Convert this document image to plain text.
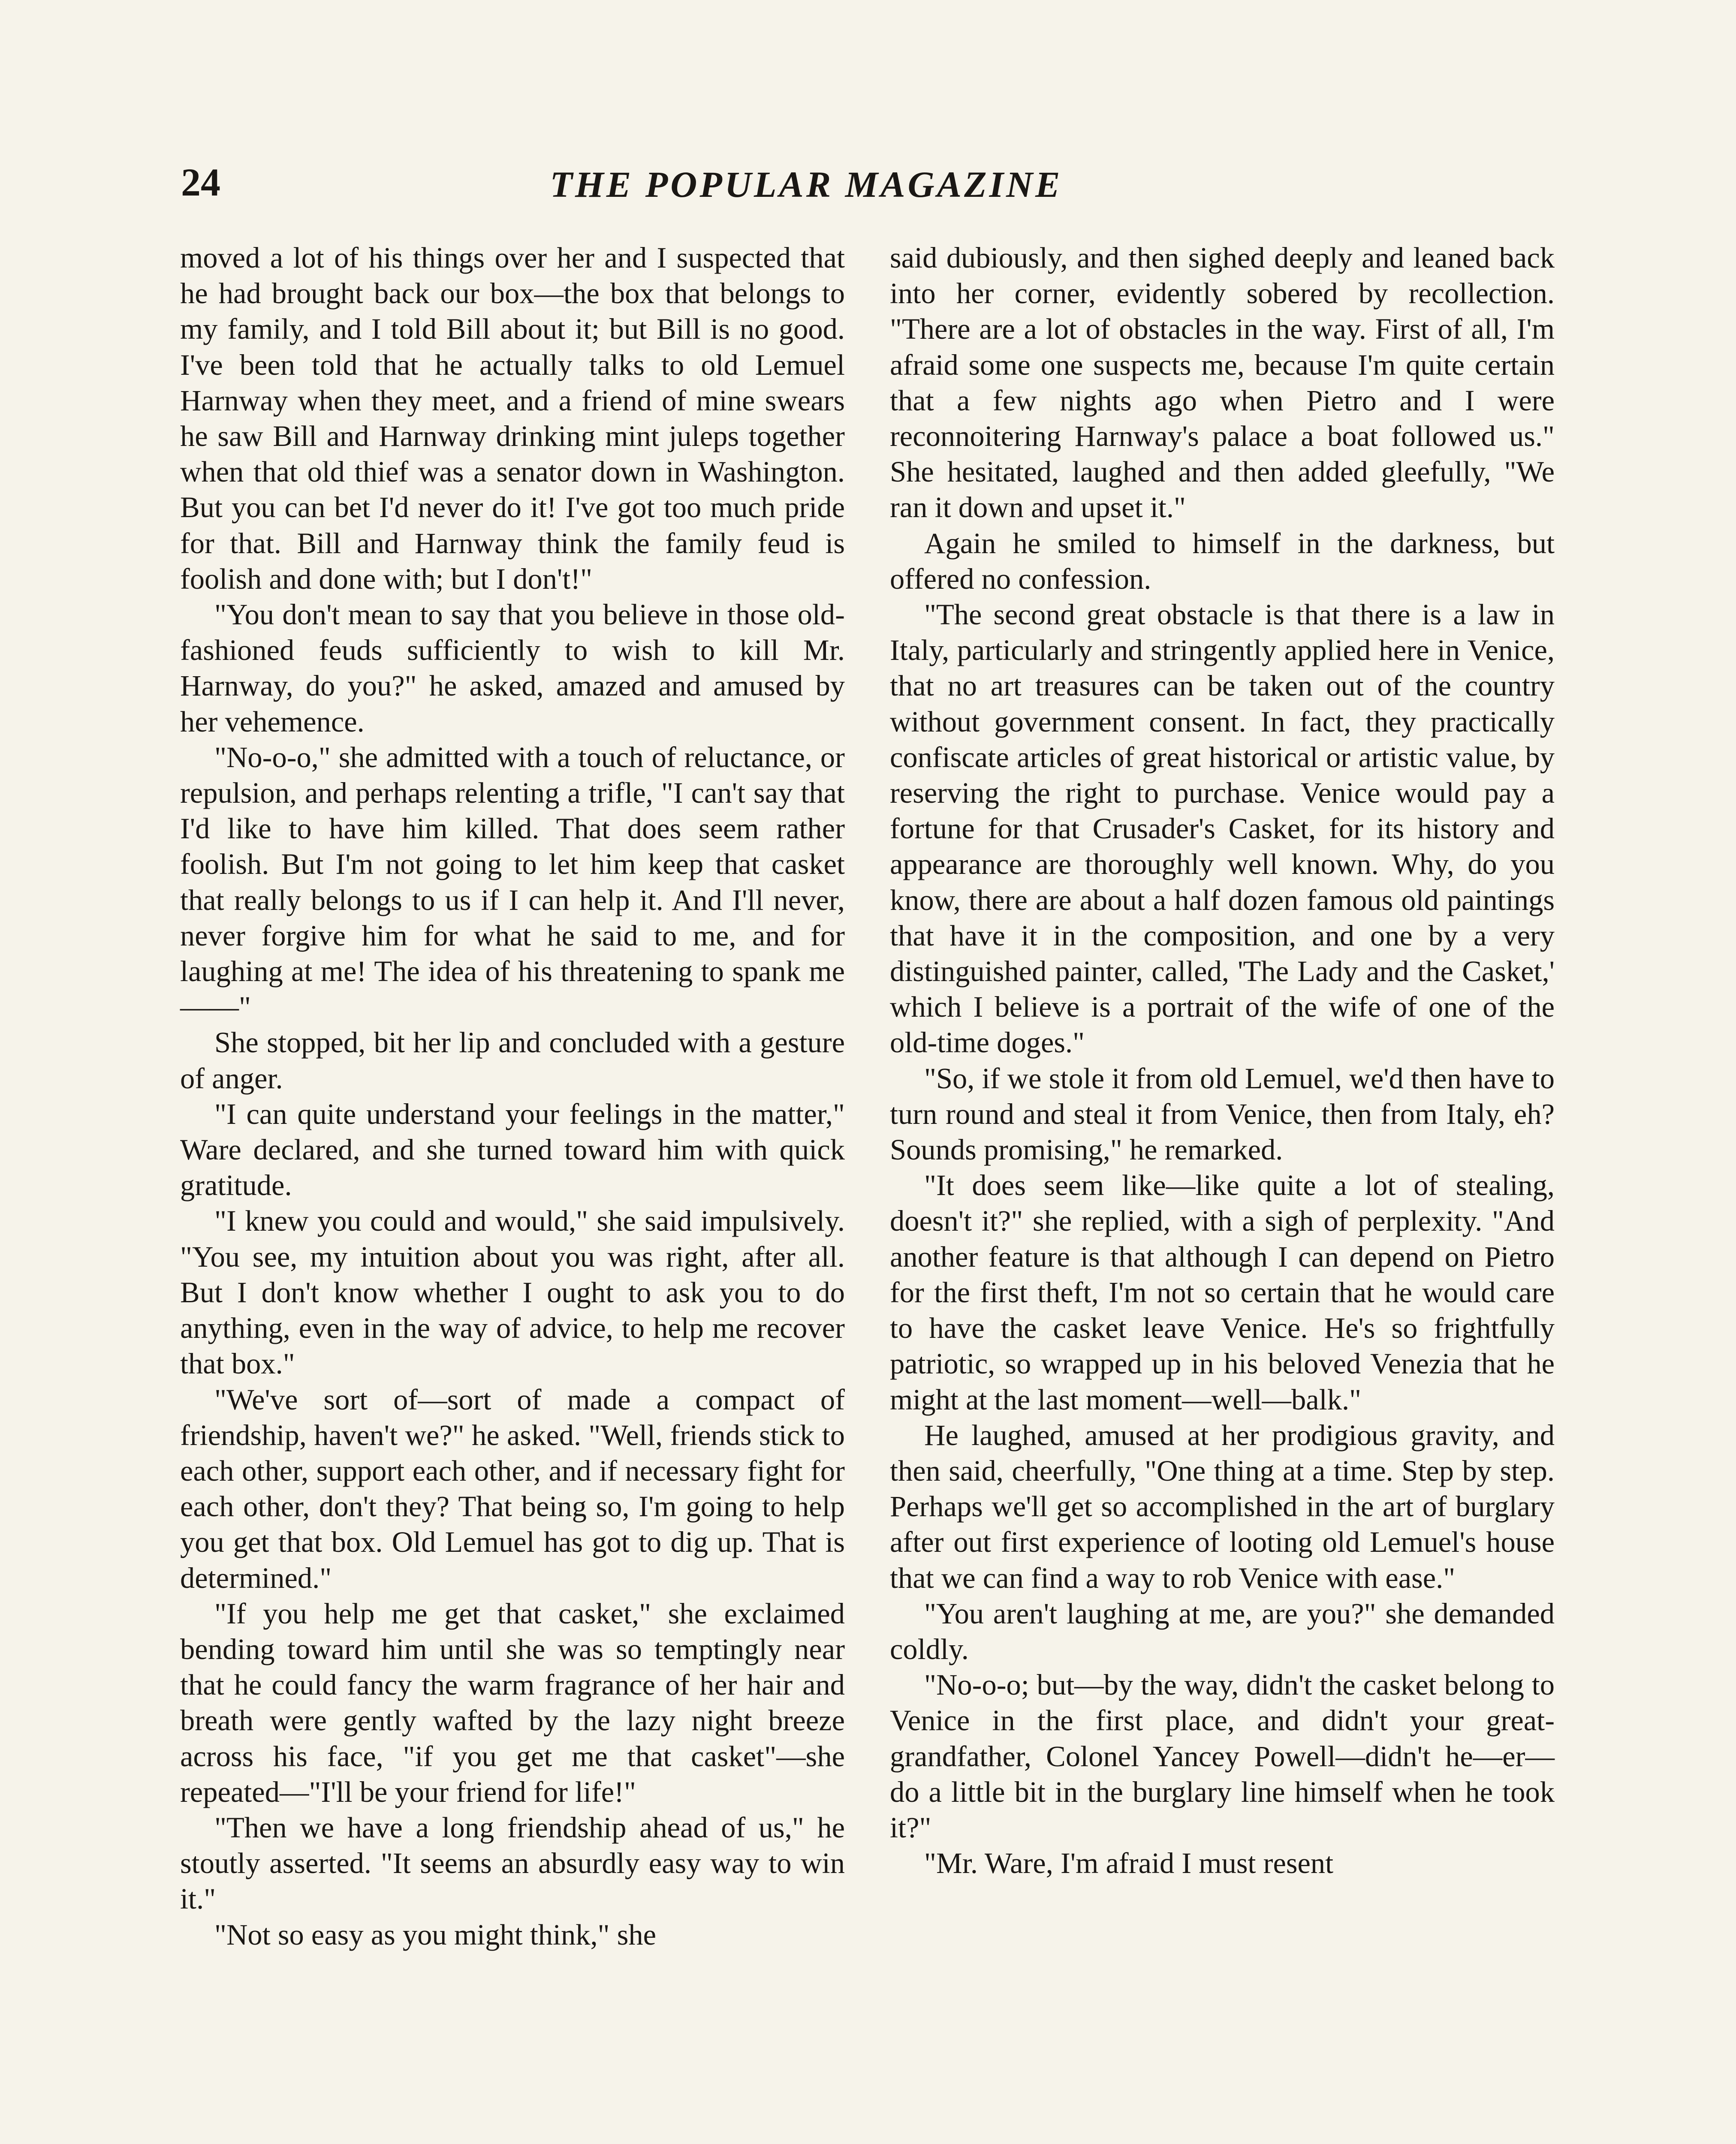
24	THE POPULAR MAGAZINE

moved a lot of his things over her and I suspected that he had brought back our box—the box that belongs to my family, and I told Bill about it; but Bill is no good. I've been told that he actually talks to old Lemuel Harnway when they meet, and a friend of mine swears he saw Bill and Harnway drinking mint juleps together when that old thief was a senator down in Washington. But you can bet I'd never do it! I've got too much pride for that. Bill and Harnway think the family feud is foolish and done with; but I don't!"

"You don't mean to say that you believe in those old-fashioned feuds sufficiently to wish to kill Mr. Harnway, do you?" he asked, amazed and amused by her vehemence.

"No-o-o," she admitted with a touch of reluctance, or repulsion, and perhaps relenting a trifle, "I can't say that I'd like to have him killed. That does seem rather foolish. But I'm not going to let him keep that casket that really belongs to us if I can help it. And I'll never, never forgive him for what he said to me, and for laughing at me! The idea of his threatening to spank me——"

She stopped, bit her lip and concluded with a gesture of anger.

"I can quite understand your feelings in the matter," Ware declared, and she turned toward him with quick gratitude.

"I knew you could and would," she said impulsively. "You see, my intuition about you was right, after all. But I don't know whether I ought to ask you to do anything, even in the way of advice, to help me recover that box."

"We've sort of—sort of made a compact of friendship, haven't we?" he asked. "Well, friends stick to each other, support each other, and if necessary fight for each other, don't they? That being so, I'm going to help you get that box. Old Lemuel has got to dig up. That is determined."

"If you help me get that casket," she exclaimed bending toward him until she was so temptingly near that he could fancy the warm fragrance of her hair and breath were gently wafted by the lazy night breeze across his face, "if you get me that casket"—she repeated—"I'll be your friend for life!"

"Then we have a long friendship ahead of us," he stoutly asserted. "It seems an absurdly easy way to win it."

"Not so easy as you might think," she

said dubiously, and then sighed deeply and leaned back into her corner, evidently sobered by recollection. "There are a lot of obstacles in the way. First of all, I'm afraid some one suspects me, because I'm quite certain that a few nights ago when Pietro and I were reconnoitering Harnway's palace a boat followed us." She hesitated, laughed and then added gleefully, "We ran it down and upset it."

Again he smiled to himself in the darkness, but offered no confession.

"The second great obstacle is that there is a law in Italy, particularly and stringently applied here in Venice, that no art treasures can be taken out of the country without government consent. In fact, they practically confiscate articles of great historical or artistic value, by reserving the right to purchase. Venice would pay a fortune for that Crusader's Casket, for its history and appearance are thoroughly well known. Why, do you know, there are about a half dozen famous old paintings that have it in the composition, and one by a very distinguished painter, called, 'The Lady and the Casket,' which I believe is a portrait of the wife of one of the old-time doges."

"So, if we stole it from old Lemuel, we'd then have to turn round and steal it from Venice, then from Italy, eh? Sounds promising," he remarked.

"It does seem like—like quite a lot of stealing, doesn't it?" she replied, with a sigh of perplexity. "And another feature is that although I can depend on Pietro for the first theft, I'm not so certain that he would care to have the casket leave Venice. He's so frightfully patriotic, so wrapped up in his beloved Venezia that he might at the last moment—well—balk."

He laughed, amused at her prodigious gravity, and then said, cheerfully, "One thing at a time. Step by step. Perhaps we'll get so accomplished in the art of burglary after out first experience of looting old Lemuel's house that we can find a way to rob Venice with ease."

"You aren't laughing at me, are you?" she demanded coldly.

"No-o-o; but—by the way, didn't the casket belong to Venice in the first place, and didn't your great-grandfather, Colonel Yancey Powell—didn't he—er—do a little bit in the burglary line himself when he took it?"

"Mr. Ware, I'm afraid I must resent
